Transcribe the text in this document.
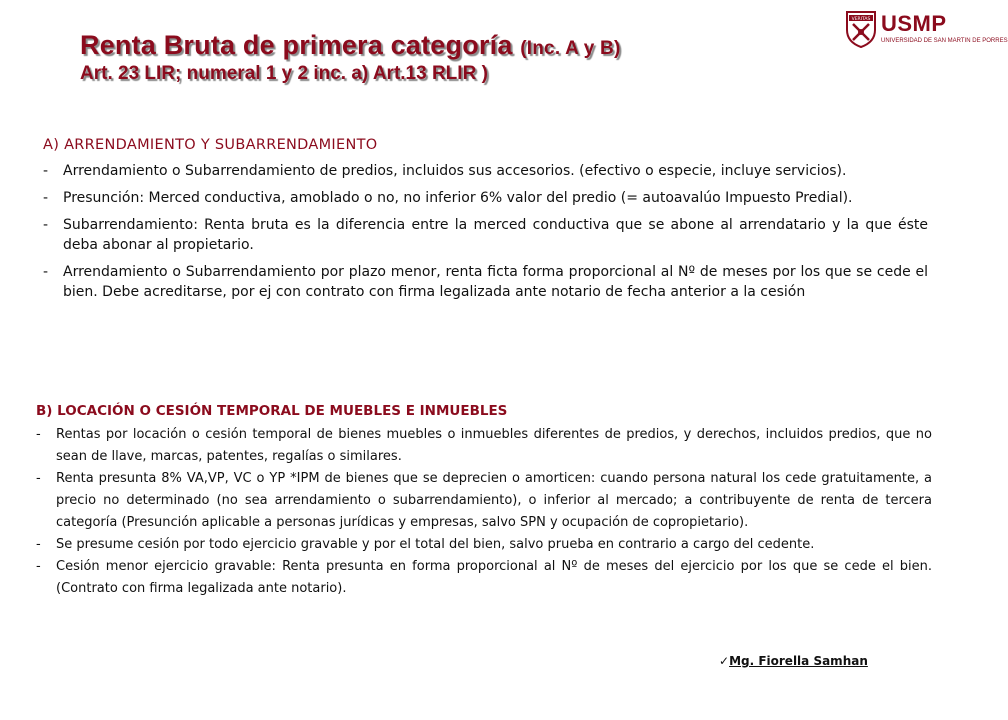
Renta Bruta de primera categoría (Inc. A y B)
Art. 23 LIR; numeral 1 y 2 inc. a) Art.13 RLIR )
VERITAS USMP
UNIVERSIDAD DE SAN MARTIN DE PORRES
A) ARRENDAMIENTO Y SUBARRENDAMIENTO
- Arrendamiento o Subarrendamiento de predios, incluidos sus accesorios. (efectivo o especie, incluye servicios).
- Presunción: Merced conductiva, amoblado o no, no inferior 6% valor del predio (= autoavalúo Impuesto Predial).
- Subarrendamiento: Renta bruta es la diferencia entre la merced conductiva que se abone al arrendatario y la que éste deba abonar al propietario.
- Arrendamiento o Subarrendamiento por plazo menor, renta ficta forma proporcional al Nº de meses por los que se cede el bien. Debe acreditarse, por ej con contrato con firma legalizada ante notario de fecha anterior a la cesión
B) LOCACIÓN O CESIÓN TEMPORAL DE MUEBLES E INMUEBLES
- Rentas por locación o cesión temporal de bienes muebles o inmuebles diferentes de predios, y derechos, incluidos predios, que no sean de llave, marcas, patentes, regalías o similares.
- Renta presunta 8% VA,VP, VC o YP *IPM de bienes que se deprecien o amorticen: cuando persona natural los cede gratuitamente, a precio no determinado (no sea arrendamiento o subarrendamiento), o inferior al mercado; a contribuyente de renta de tercera categoría (Presunción aplicable a personas jurídicas y empresas, salvo SPN y ocupación de copropietario).
- Se presume cesión por todo ejercicio gravable y por el total del bien, salvo prueba en contrario a cargo del cedente.
- Cesión menor ejercicio gravable: Renta presunta en forma proporcional al Nº de meses del ejercicio por los que se cede el bien. (Contrato con firma legalizada ante notario).
✓Mg. Fiorella Samhan
